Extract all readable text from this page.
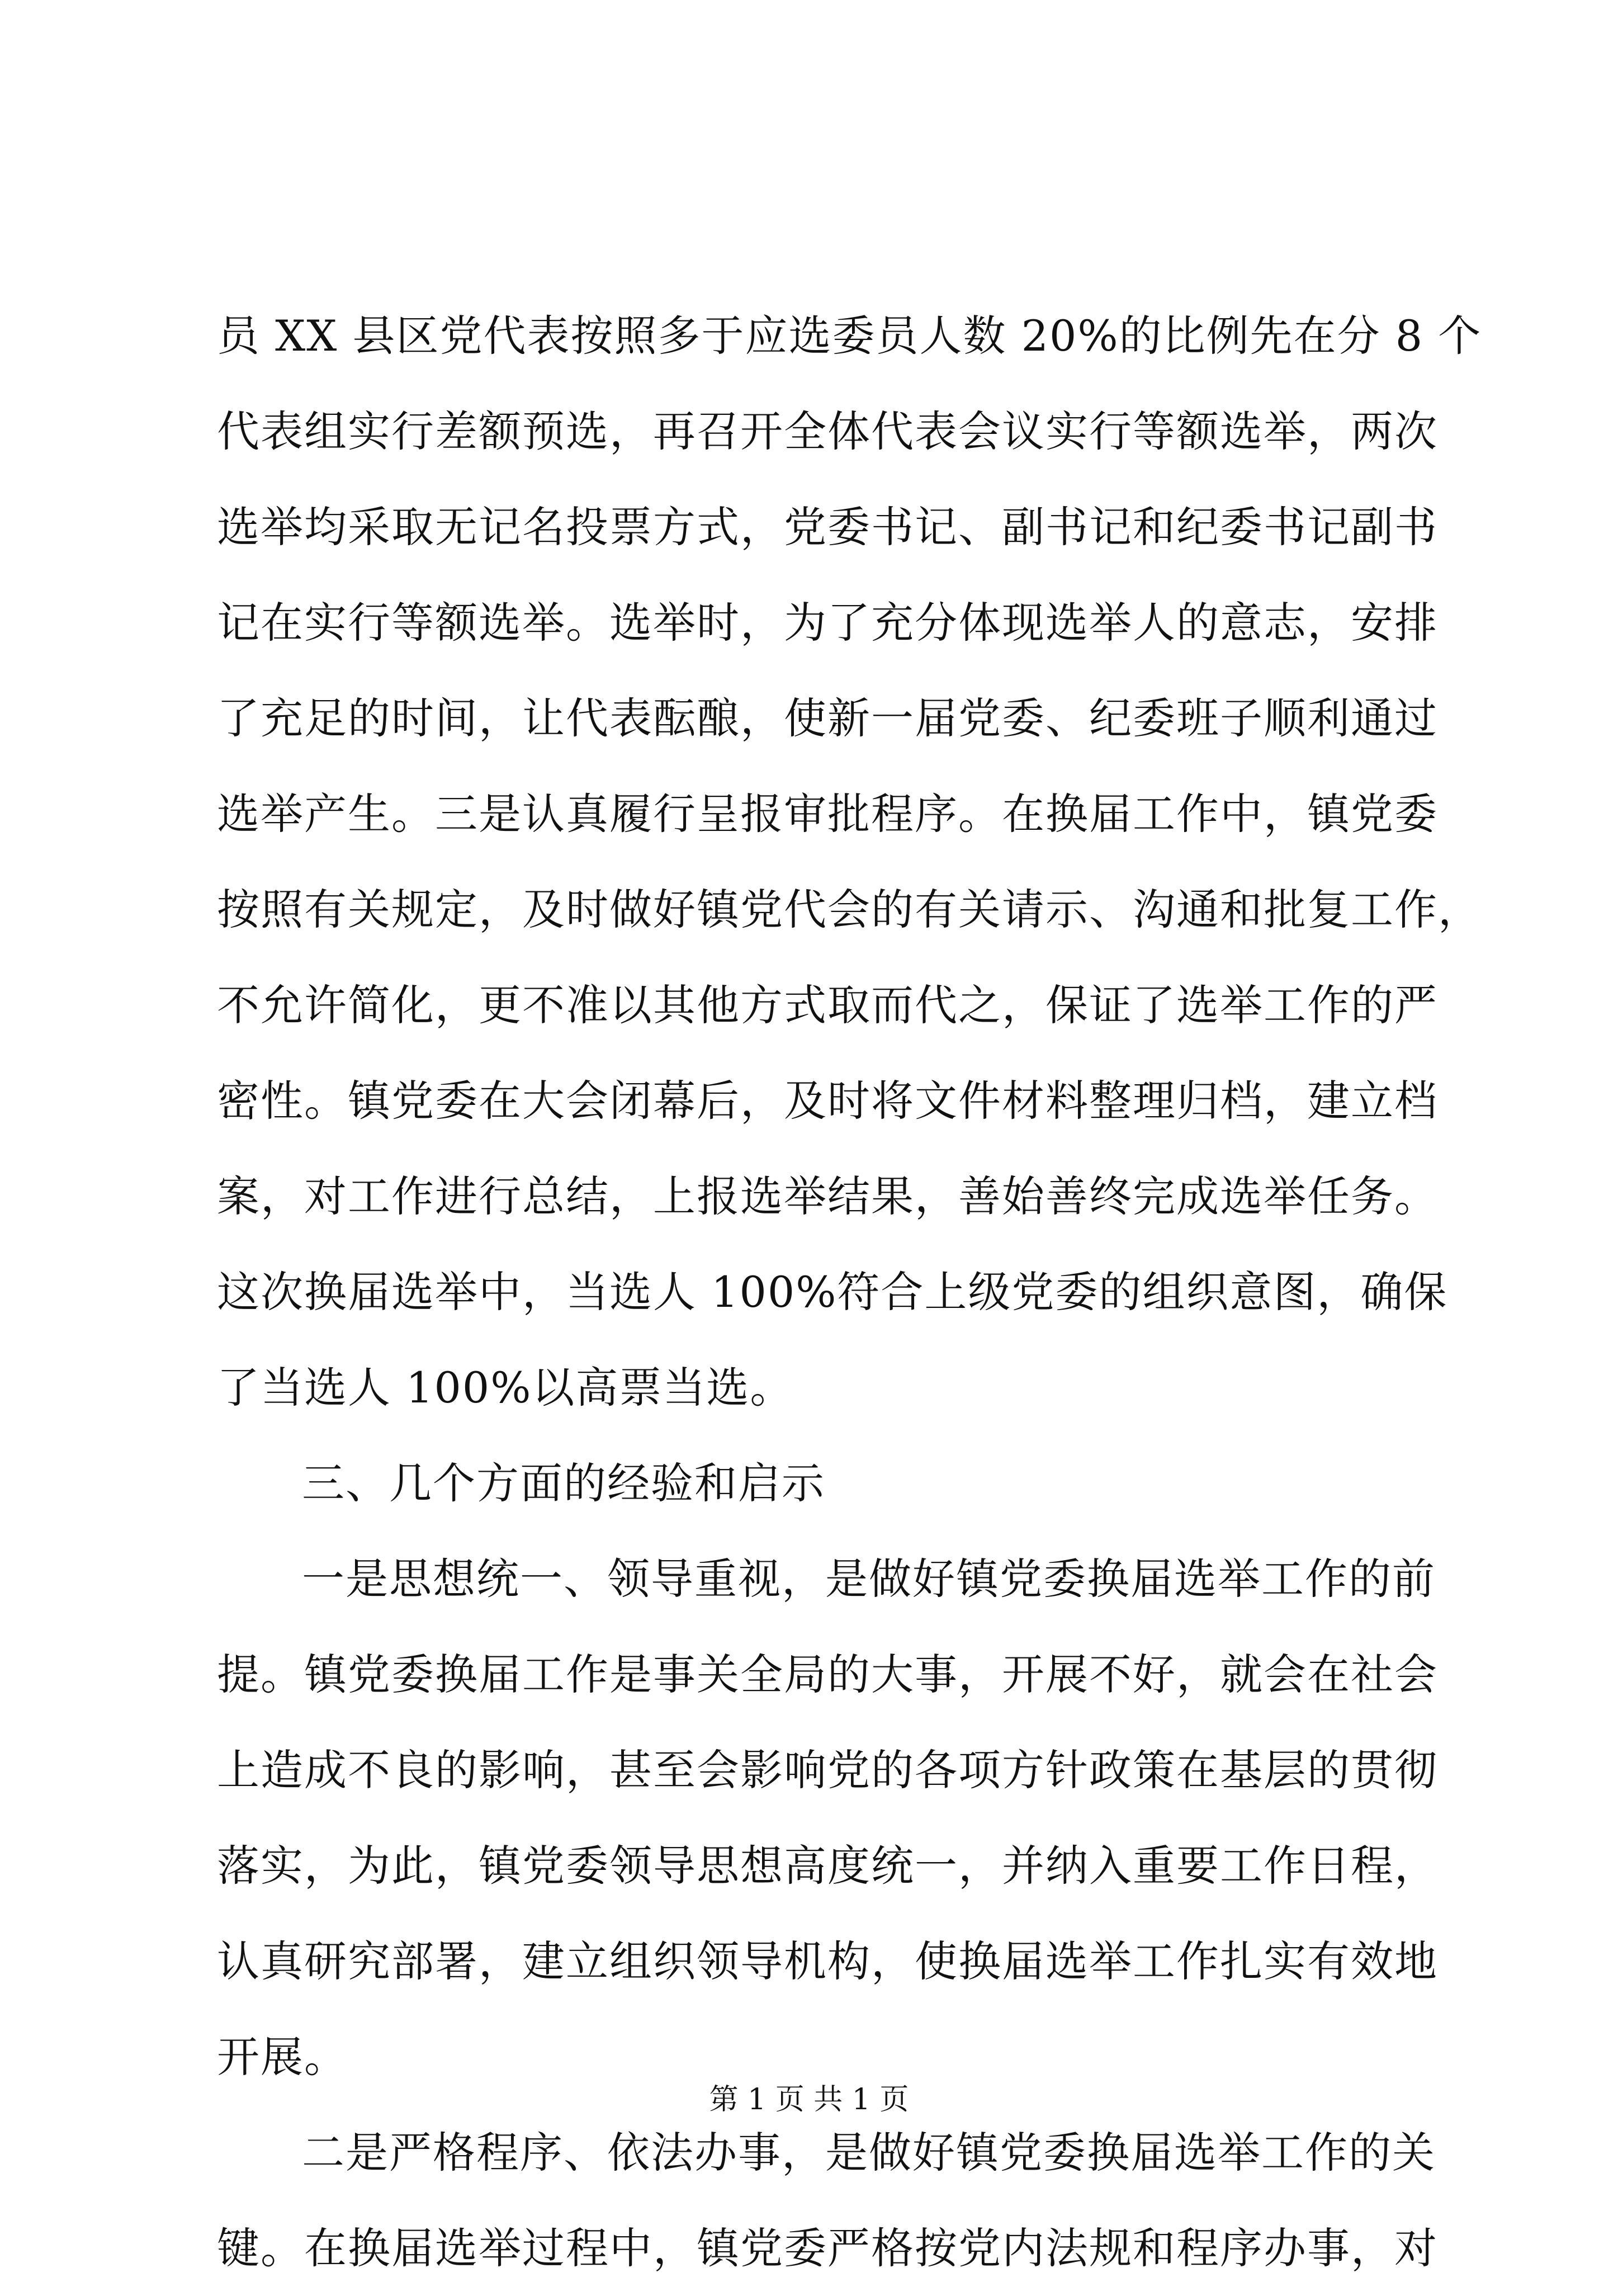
员 XX 县区党代表按照多于应选委员人数 20%的比例先在分 8 个
代表组实行差额预选，再召开全体代表会议实行等额选举，两次
选举均采取无记名投票方式，党委书记、副书记和纪委书记副书
记在实行等额选举。选举时，为了充分体现选举人的意志，安排
了充足的时间，让代表酝酿，使新一届党委、纪委班子顺利通过
选举产生。三是认真履行呈报审批程序。在换届工作中，镇党委
按照有关规定，及时做好镇党代会的有关请示、沟通和批复工作，
不允许简化，更不准以其他方式取而代之，保证了选举工作的严
密性。镇党委在大会闭幕后，及时将文件材料整理归档，建立档
案，对工作进行总结，上报选举结果，善始善终完成选举任务。
这次换届选举中，当选人 100%符合上级党委的组织意图，确保
了当选人 100%以高票当选。
三、几个方面的经验和启示
一是思想统一、领导重视，是做好镇党委换届选举工作的前
提。镇党委换届工作是事关全局的大事，开展不好，就会在社会
上造成不良的影响，甚至会影响党的各项方针政策在基层的贯彻
落实，为此，镇党委领导思想高度统一，并纳入重要工作日程，
认真研究部署，建立组织领导机构，使换届选举工作扎实有效地
开展。
二是严格程序、依法办事，是做好镇党委换届选举工作的关
键。在换届选举过程中，镇党委严格按党内法规和程序办事，对
第 1 页 共 1 页
